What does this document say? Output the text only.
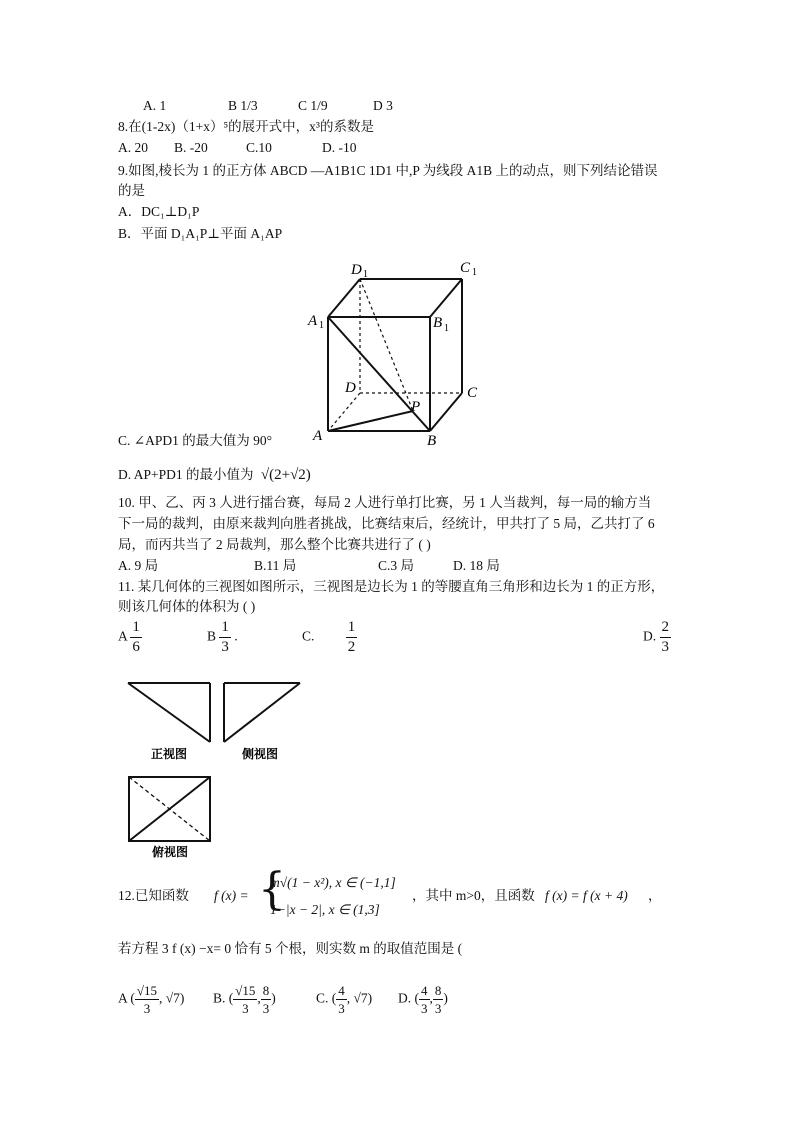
A. 1	B 1/3	C 1/9	D 3
8.在(1-2x)（1+x）⁵的展开式中，x³的系数是
A. 20 B. -20	C.10	D. -10
9.如图,棱长为 1 的正方体 ABCD —A1B1C 1D1 中,P 为线段 A1B 上的动点，则下列结论错误
的是
A．DC₁⊥D₁P
B．平面 D₁A₁P⊥平面 A₁AP
D 1	C 1
A 1	B 1
D	C
P
A	B
C. ∠APD1 的最大值为 90°
D. AP+PD1 的最小值为 √(2+√2)
10. 甲、乙、丙 3 人进行擂台赛，每局 2 人进行单打比赛，另 1 人当裁判，每一局的输方当
下一局的裁判，由原来裁判向胜者挑战，比赛结束后，经统计，甲共打了 5 局，乙共打了 6
局，而丙共当了 2 局裁判，那么整个比赛共进行了 ( )
A. 9 局	B.11 局	C.3 局	D. 18 局
11. 某几何体的三视图如图所示，三视图是边长为 1 的等腰直角三角形和边长为 1 的正方形，
则该几何体的体积为 ( )
A $\frac{1}{6}$	B $\frac{1}{3}$ .	C. $\frac{1}{2}$	D. $\frac{2}{3}$
正视图	侧视图
俯视图
12.已知函数 f (x) = {
m√(1 − x²), x ∈ (−1,1]
1−|x − 2|, x ∈ (1,3]
，其中 m>0，且函数 f (x) = f (x + 4) ，
若方程 3 f (x) −x= 0 恰有 5 个根，则实数 m 的取值范围是 (
A ( $\frac{√15}{3}$ , √7) B. ( $\frac{√15}{3}$ , $\frac{8}{3}$ )	C. ( $\frac{4}{3}$ , √7) D. ( $\frac{4}{3}$ , $\frac{8}{3}$ )
